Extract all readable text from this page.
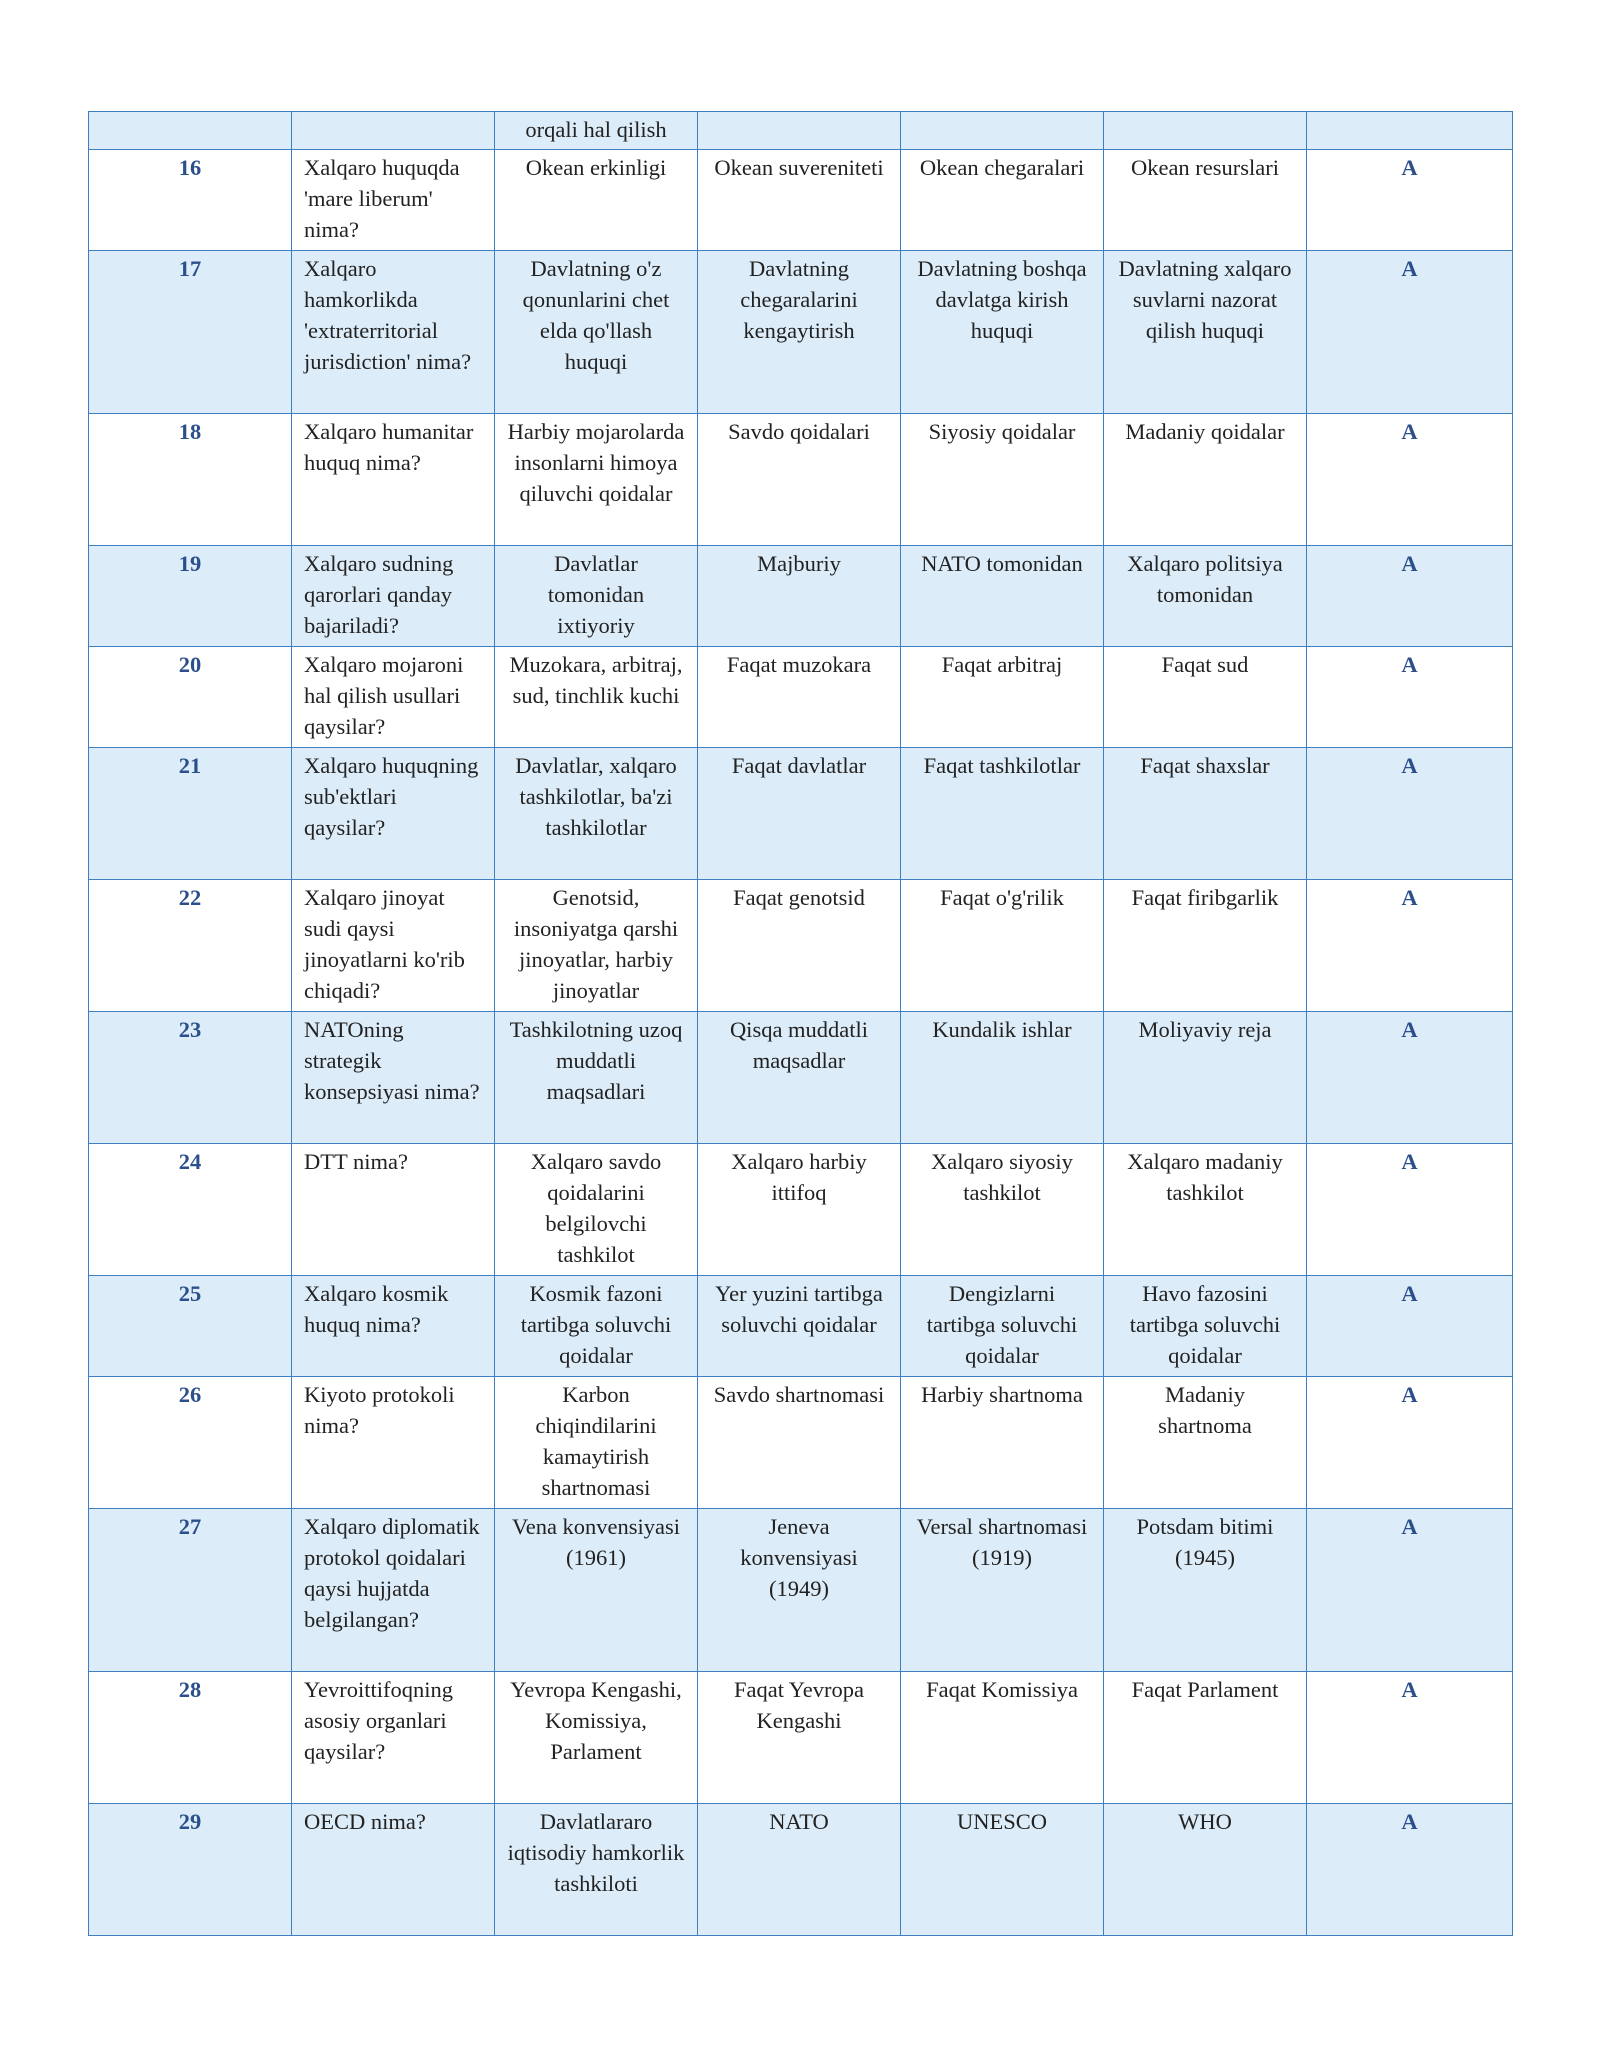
		orqali hal qilish				
16	Xalqaro huquqda 'mare liberum' nima?	Okean erkinligi	Okean suvereniteti	Okean chegaralari	Okean resurslari	A
17	Xalqaro hamkorlikda 'extraterritorial jurisdiction' nima?	Davlatning o'z qonunlarini chet elda qo'llash huquqi	Davlatning chegaralarini kengaytirish	Davlatning boshqa davlatga kirish huquqi	Davlatning xalqaro suvlarni nazorat qilish huquqi	A
18	Xalqaro humanitar huquq nima?	Harbiy mojarolarda insonlarni himoya qiluvchi qoidalar	Savdo qoidalari	Siyosiy qoidalar	Madaniy qoidalar	A
19	Xalqaro sudning qarorlari qanday bajariladi?	Davlatlar tomonidan ixtiyoriy	Majburiy	NATO tomonidan	Xalqaro politsiya tomonidan	A
20	Xalqaro mojaroni hal qilish usullari qaysilar?	Muzokara, arbitraj, sud, tinchlik kuchi	Faqat muzokara	Faqat arbitraj	Faqat sud	A
21	Xalqaro huquqning sub'ektlari qaysilar?	Davlatlar, xalqaro tashkilotlar, ba'zi tashkilotlar	Faqat davlatlar	Faqat tashkilotlar	Faqat shaxslar	A
22	Xalqaro jinoyat sudi qaysi jinoyatlarni ko'rib chiqadi?	Genotsid, insoniyatga qarshi jinoyatlar, harbiy jinoyatlar	Faqat genotsid	Faqat o'g'rilik	Faqat firibgarlik	A
23	NATOning strategik konsepsiyasi nima?	Tashkilotning uzoq muddatli maqsadlari	Qisqa muddatli maqsadlar	Kundalik ishlar	Moliyaviy reja	A
24	DTT nima?	Xalqaro savdo qoidalarini belgilovchi tashkilot	Xalqaro harbiy ittifoq	Xalqaro siyosiy tashkilot	Xalqaro madaniy tashkilot	A
25	Xalqaro kosmik huquq nima?	Kosmik fazoni tartibga soluvchi qoidalar	Yer yuzini tartibga soluvchi qoidalar	Dengizlarni tartibga soluvchi qoidalar	Havo fazosini tartibga soluvchi qoidalar	A
26	Kiyoto protokoli nima?	Karbon chiqindilarini kamaytirish shartnomasi	Savdo shartnomasi	Harbiy shartnoma	Madaniy shartnoma	A
27	Xalqaro diplomatik protokol qoidalari qaysi hujjatda belgilangan?	Vena konvensiyasi (1961)	Jeneva konvensiyasi (1949)	Versal shartnomasi (1919)	Potsdam bitimi (1945)	A
28	Yevroittifoqning asosiy organlari qaysilar?	Yevropa Kengashi, Komissiya, Parlament	Faqat Yevropa Kengashi	Faqat Komissiya	Faqat Parlament	A
29	OECD nima?	Davlatlararo iqtisodiy hamkorlik tashkiloti	NATO	UNESCO	WHO	A
